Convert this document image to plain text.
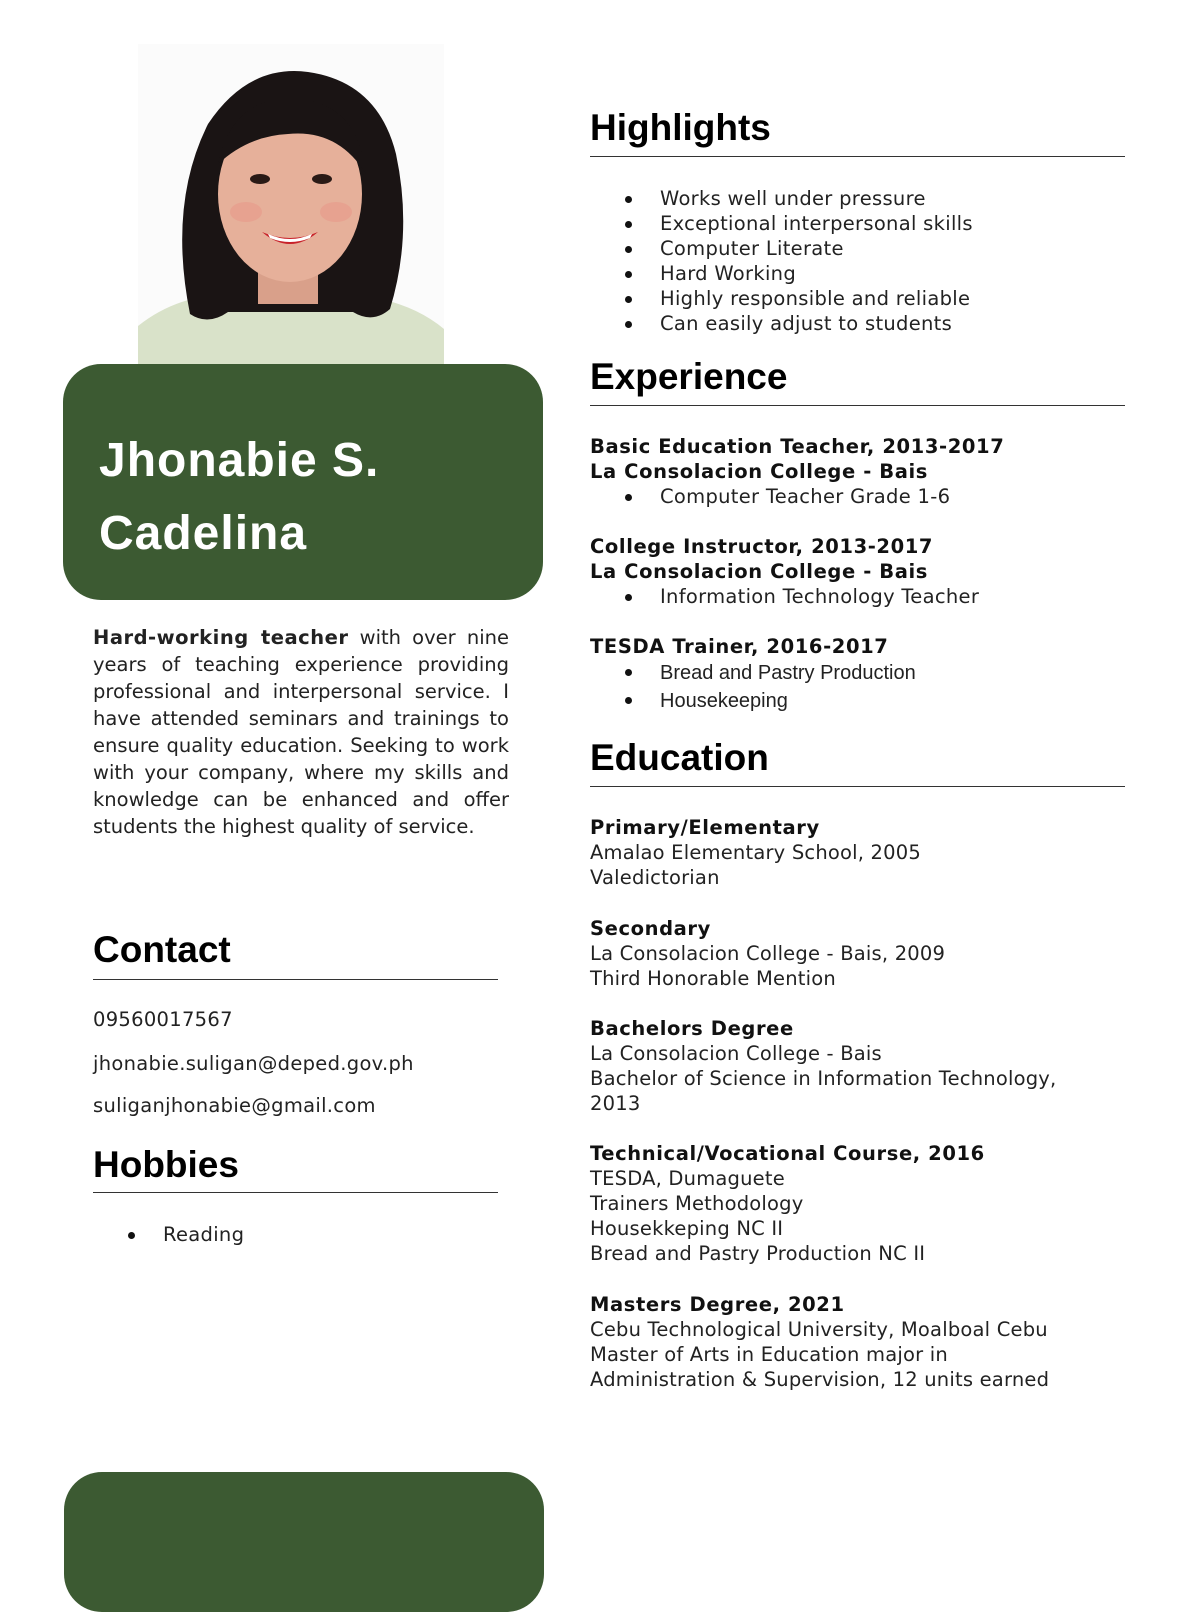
Jhonabie S.
Cadelina

Hard-working teacher with over nine years of teaching experience providing professional and interpersonal service. I have attended seminars and trainings to ensure quality education. Seeking to work with your company, where my skills and knowledge can be enhanced and offer students the highest quality of service.

Contact
09560017567
jhonabie.suligan@deped.gov.ph
suliganjhonabie@gmail.com
Hobbies
Reading
Highlights
Works well under pressure
Exceptional interpersonal skills
Computer Literate
Hard Working
Highly responsible and reliable
Can easily adjust to students
Experience
Basic Education Teacher, 2013-2017
La Consolacion College - Bais
Computer Teacher Grade 1-6
College Instructor, 2013-2017
La Consolacion College - Bais
Information Technology Teacher
TESDA Trainer, 2016-2017
Bread and Pastry Production
Housekeeping
Education
Primary/Elementary
Amalao Elementary School, 2005
Valedictorian
Secondary
La Consolacion College - Bais, 2009
Third Honorable Mention
Bachelors Degree
La Consolacion College - Bais
Bachelor of Science in Information Technology,
2013
Technical/Vocational Course, 2016
TESDA, Dumaguete
Trainers Methodology
Housekkeping NC II
Bread and Pastry Production NC II
Masters Degree, 2021
Cebu Technological University, Moalboal Cebu
Master of Arts in Education major in
Administration & Supervision, 12 units earned
